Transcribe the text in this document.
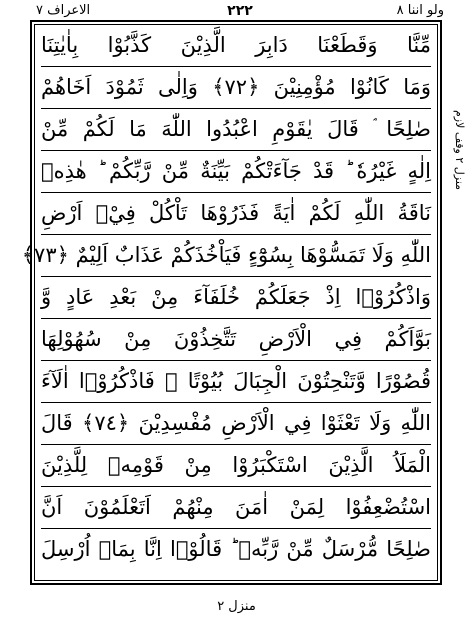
الاعراف ۷	٢٢٢	ولو اننا ۸
مِّنَّا وَقَطَعْنَا دَابِرَ الَّذِيْنَ كَذَّبُوْا بِاٰيٰتِنَا
وَمَا كَانُوْا مُؤْمِنِيْنَ ﴿٧٢﴾ وَاِلٰى ثَمُوْدَ اَخَاهُمْ
صٰلِحًا ۘ قَالَ يٰقَوْمِ اعْبُدُوا اللّٰهَ مَا لَكُمْ مِّنْ
اِلٰهٍ غَيْرُهٗ ؕ قَدْ جَآءَتْكُمْ بَيِّنَةٌ مِّنْ رَّبِّكُمْ ؕ هٰذِهٖ
نَاقَةُ اللّٰهِ لَكُمْ اٰيَةً فَذَرُوْهَا تَاْكُلْ فِيْۤ اَرْضِ
اللّٰهِ وَلَا تَمَسُّوْهَا بِسُوْٓءٍ فَيَاْخُذَكُمْ عَذَابٌ اَلِيْمٌ ﴿٧٣﴾
وَاذْكُرُوْۤا اِذْ جَعَلَكُمْ خُلَفَآءَ مِنْ بَعْدِ عَادٍ وَّ
بَوَّاَكُمْ فِي الْاَرْضِ تَتَّخِذُوْنَ مِنْ سُهُوْلِهَا
قُصُوْرًا وَّتَنْحِتُوْنَ الْجِبَالَ بُيُوْتًا ۚ فَاذْكُرُوْۤا اٰلَآءَ
اللّٰهِ وَلَا تَعْثَوْا فِي الْاَرْضِ مُفْسِدِيْنَ ﴿٧٤﴾ قَالَ
الْمَلَاُ الَّذِيْنَ اسْتَكْبَرُوْا مِنْ قَوْمِهٖ لِلَّذِيْنَ
اسْتُضْعِفُوْا لِمَنْ اٰمَنَ مِنْهُمْ اَتَعْلَمُوْنَ اَنَّ
صٰلِحًا مُّرْسَلٌ مِّنْ رَّبِّهٖ ؕ قَالُوْۤا اِنَّا بِمَاۤ اُرْسِلَ
منزل ۲ وقف لازم
منزل ۲
